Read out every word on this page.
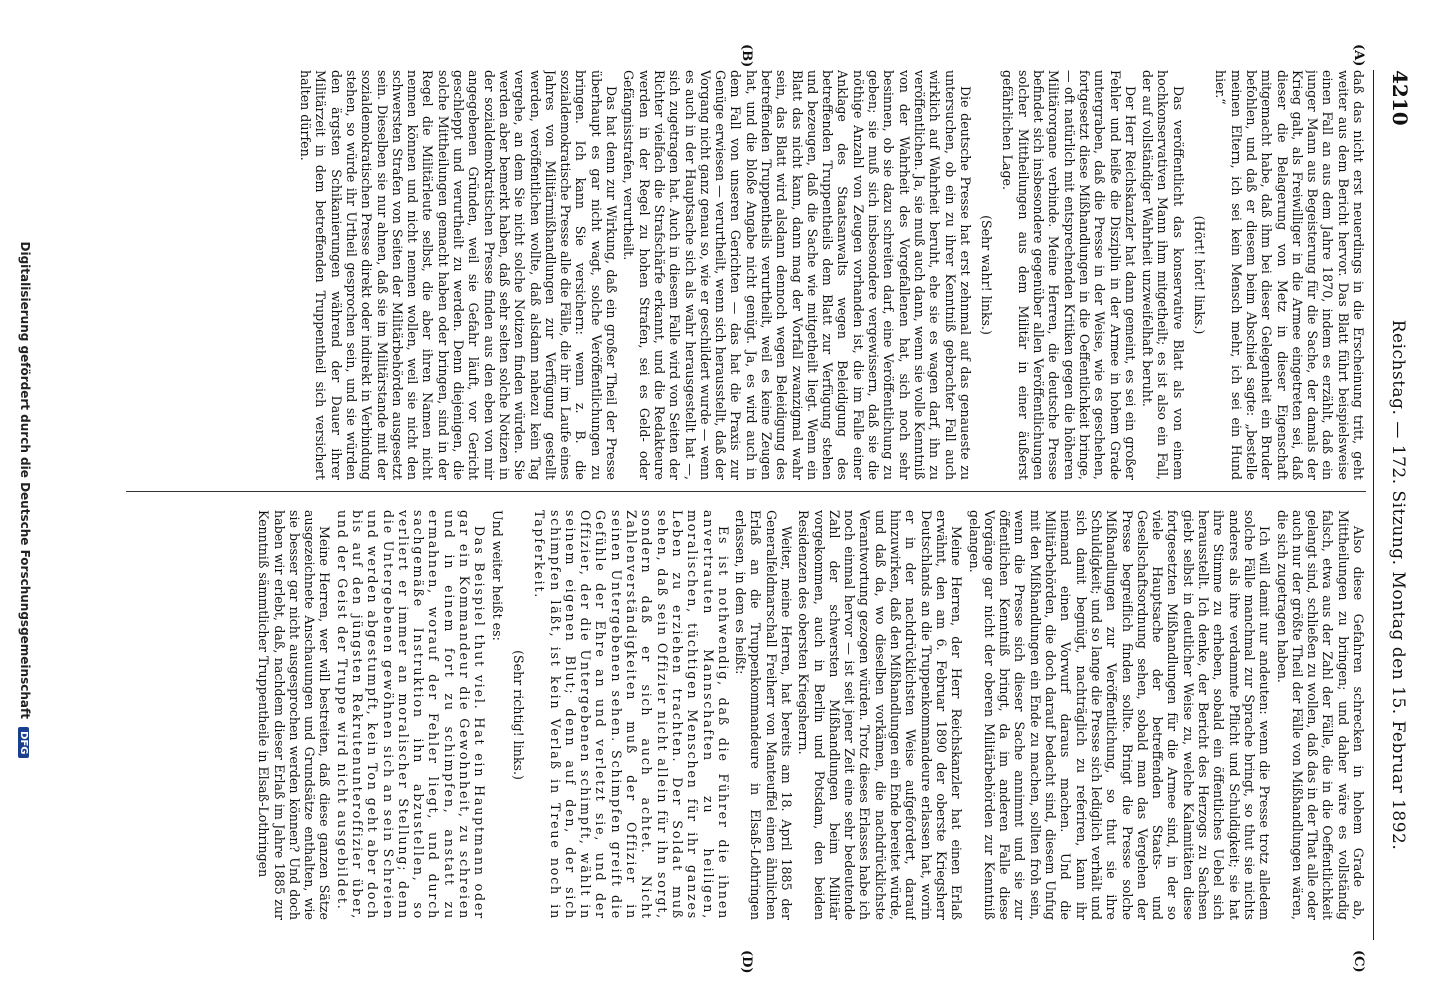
4210
Reichstag. — 172. Sitzung. Montag den 15. Februar 1892.
(A)
(B)
(C)
(D)

daß das nicht erst neuerdings in die Erscheinung tritt, geht weiter aus dem Bericht hervor. Das Blatt führt beispielsweise einen Fall an aus dem Jahre 1870, indem es erzählt, daß ein junger Mann aus Begeisterung für die Sache, der damals der Krieg galt, als Freiwilliger in die Armee eingetreten sei, daß dieser die Belagerung von Metz in dieser Eigenschaft mitgemacht habe, daß ihm bei dieser Gelegenheit ein Bruder befohlen, und daß er diesem beim Abschied sagte: „bestelle meinen Eltern, ich sei kein Mensch mehr, ich sei ein Hund hier.“

(Hört! hört! links.)

Das veröffentlicht das konservative Blatt als von einem hochkonservativen Mann ihm mitgetheilt; es ist also ein Fall, der auf vollständiger Wahrheit unzweifelhaft beruht.

Der Herr Reichskanzler hat dann gemeint, es sei ein großer Fehler und heiße die Disziplin in der Armee in hohem Grade untergraben, daß die Presse in der Weise, wie es geschehen, fortgesetzt diese Mißhandlungen in die Oeffentlichkeit bringe, — oft natürlich mit entsprechenden Kritiken gegen die höheren Militärorgane verbinde. Meine Herren, die deutsche Presse befindet sich insbesondere gegenüber allen Veröffentlichungen solcher Mittheilungen aus dem Militär in einer äußerst gefährlichen Lage.

(Sehr wahr! links.)

Die deutsche Presse hat erst zehnmal auf das genaueste zu untersuchen, ob ein zu ihrer Kenntniß gebrachter Fall auch wirklich auf Wahrheit beruht, ehe sie es wagen darf, ihn zu veröffentlichen. Ja, sie muß auch dann, wenn sie volle Kenntniß von der Wahrheit des Vorgefallenen hat, sich noch sehr besinnen, ob sie dazu schreiten darf, eine Veröffentlichung zu geben; sie muß sich insbesondere vergewissern, daß sie die nöthige Anzahl von Zeugen vorhanden ist, die im Falle einer Anklage des Staatsanwalts wegen Beleidigung des betreffenden Truppentheils dem Blatt zur Verfügung stehen und bezeugen, daß die Sache wie mitgetheilt liegt. Wenn ein Blatt das nicht kann, dann mag der Vorfall zwanzigmal wahr sein, das Blatt wird alsdann dennoch wegen Beleidigung des betreffenden Truppentheils verurtheilt, weil es keine Zeugen hat, und die bloße Angabe nicht genügt. Ja, es wird auch in dem Fall von unseren Gerichten — das hat die Praxis zur Genüge erwiesen — verurtheilt, wenn sich herausstellt, daß der Vorgang nicht ganz genau so, wie er geschildert wurde — wenn es auch in der Hauptsache sich als wahr herausgestellt hat —, sich zugetragen hat. Auch in diesem Falle wird von Seiten der Richter vielfach die Strafschärfe erkannt, und die Redakteure werden in der Regel zu hohen Strafen, sei es Geld- oder Gefängnisstrafen, verurtheilt.

Das hat denn zur Wirkung, daß ein großer Theil der Presse überhaupt es gar nicht wagt, solche Veröffentlichungen zu bringen. Ich kann Sie versichern: wenn z. B. die sozialdemokratische Presse alle die Fälle, die ihr im Laufe eines Jahres von Militärmißhandlungen zur Verfügung gestellt werden, veröffentlichen wollte, daß alsdann nahezu kein Tag vergehe, an dem Sie nicht solche Notizen finden würden. Sie werden aber bemerkt haben, daß sehr selten solche Notizen in der sozialdemokratischen Presse finden aus den eben von mir angegebenen Gründen, weil sie Gefahr läuft, vor Gericht geschleppt und verurtheilt zu werden. Denn diejenigen, die solche Mittheilungen gemacht haben oder bringen, sind in der Regel die Militärleute selbst, die aber ihren Namen nicht nennen können und nicht nennen wollen, weil sie nicht den schwersten Strafen von Seiten der Militärbehörden ausgesetzt sein. Dieselben sie nur ahnen, daß sie im Militärstande mit der sozialdemokratischen Presse direkt oder indirekt in Verbindung stehen, so würde ihr Urtheil gesprochen sein, und sie würden den ärgsten Schikanierungen während der Dauer ihrer Militärzeit in dem betreffenden Truppentheil sich versichert halten dürfen.

Also diese Gefahren schrecken in hohem Grade ab, Mittheilungen zu bringen; und daher wäre es vollständig falsch, etwa aus der Zahl der Fälle, die in die Oeffentlichkeit gelangt sind, schließen zu wollen, daß das in der That alle oder auch nur der größte Theil der Fälle von Mißhandlungen wären, die sich zugetragen haben.

Ich will damit nur andeuten: wenn die Presse trotz alledem solche Fälle manchmal zur Sprache bringt, so thut sie nichts anderes als ihre verdammte Pflicht und Schuldigkeit; sie hat ihre Stimme zu erheben, sobald ein öffentliches Uebel sich herausstellt. Ich denke, der Bericht des Herzogs zu Sachsen giebt selbst in deutlicher Weise zu, welche Kalamitäten diese fortgesetzten Mißhandlungen für die Armee sind, in der so viele Hauptsache der betreffenden Staats- und Gesellschaftsordnung sehen, sobald man das Vergehen der Presse begreiflich finden sollte. Bringt die Presse solche Mißhandlungen zur Veröffentlichung, so thut sie ihre Schuldigkeit; und so lange die Presse sich lediglich verhält und sich damit begnügt, nachträglich zu referiren, kann ihr niemand einen Vorwurf daraus machen. Und die Militärbehörden, die doch darauf bedacht sind, diesem Unfug mit den Mißhandlungen ein Ende zu machen, sollten froh sein, wenn die Presse sich dieser Sache annimmt und sie zur öffentlichen Kenntniß bringt, da im anderen Falle diese Vorgänge gar nicht der oberen Militärbehörden zur Kenntniß gelangen.

Meine Herren, der Herr Reichskanzler hat einen Erlaß erwähnt, den am 6. Februar 1890 der oberste Kriegsherr Deutschlands an die Truppenkommandeure erlassen hat, worin er in der nachdrücklichsten Weise aufgefordert, darauf hinzuwirken, daß den Mißhandlungen ein Ende bereitet würde, und daß da, wo dieselben vorkämen, die nachdrücklichste Verantwortung gezogen würden. Trotz dieses Erlasses habe ich noch einmal hervor — ist seit jener Zeit eine sehr bedeutende Zahl der schwersten Mißhandlungen beim Militär vorgekommen, auch in Berlin und Potsdam, den beiden Residenzen des obersten Kriegsherrn.

Weiter, meine Herren, hat bereits am 18. April 1885 der Generalfeldmarschall Freiherr von Manteuffel einen ähnlichen Erlaß an die Truppenkommandeure in Elsaß-Lothringen erlassen, in dem es heißt:

Es ist nothwendig, daß die Führer die ihnen anvertrauten Mannschaften zu heiligen, moralischen, tüchtigen Menschen für ihr ganzes Leben zu erziehen trachten. Der Soldat muß sehen, daß sein Offizier nicht allein für ihn sorgt, sondern daß er sich auch achtet. Nicht Zahlenverständigkeiten muß der Offizier in seinen Untergebenen sehen. Schimpfen greift die Gefühle der Ehre an und verletzt sie, und der Offizier, der die Untergebenen schimpft, wählt in seinem eigenen Blut; denn auf den, der sich schimpfen läßt, ist kein Verlaß in Treue noch in Tapferkeit.

(Sehr richtig! links.)

Und weiter heißt es:

Das Beispiel thut viel. Hat ein Hauptmann oder gar ein Kommandeur die Gewohnheit, zu schreien und in einem fort zu schimpfen, anstatt zu ermahnen, worauf der Fehler liegt, und durch sachgemäße Instruktion ihn abzustellen, so verliert er immer an moralischer Stellung; denn die Untergebenen gewöhnen sich an sein Schreien und werden abgestumpft, kein Ton geht aber doch bis auf den jüngsten Rekrutenunteroffizier über, und der Geist der Truppe wird nicht ausgebildet.

Meine Herren, wer will bestreiten, daß diese ganzen Sätze ausgezeichnete Anschauungen und Grundsätze enthalten, wie sie besser gar nicht ausgesprochen werden können? Und doch haben wir erlebt, daß, nachdem dieser Erlaß im Jahre 1885 zur Kenntniß sämmtlicher Truppentheile in Elsaß-Lothringen

Digitalisierung gefördert durch die Deutsche Forschungsgemeinschaft DFG
